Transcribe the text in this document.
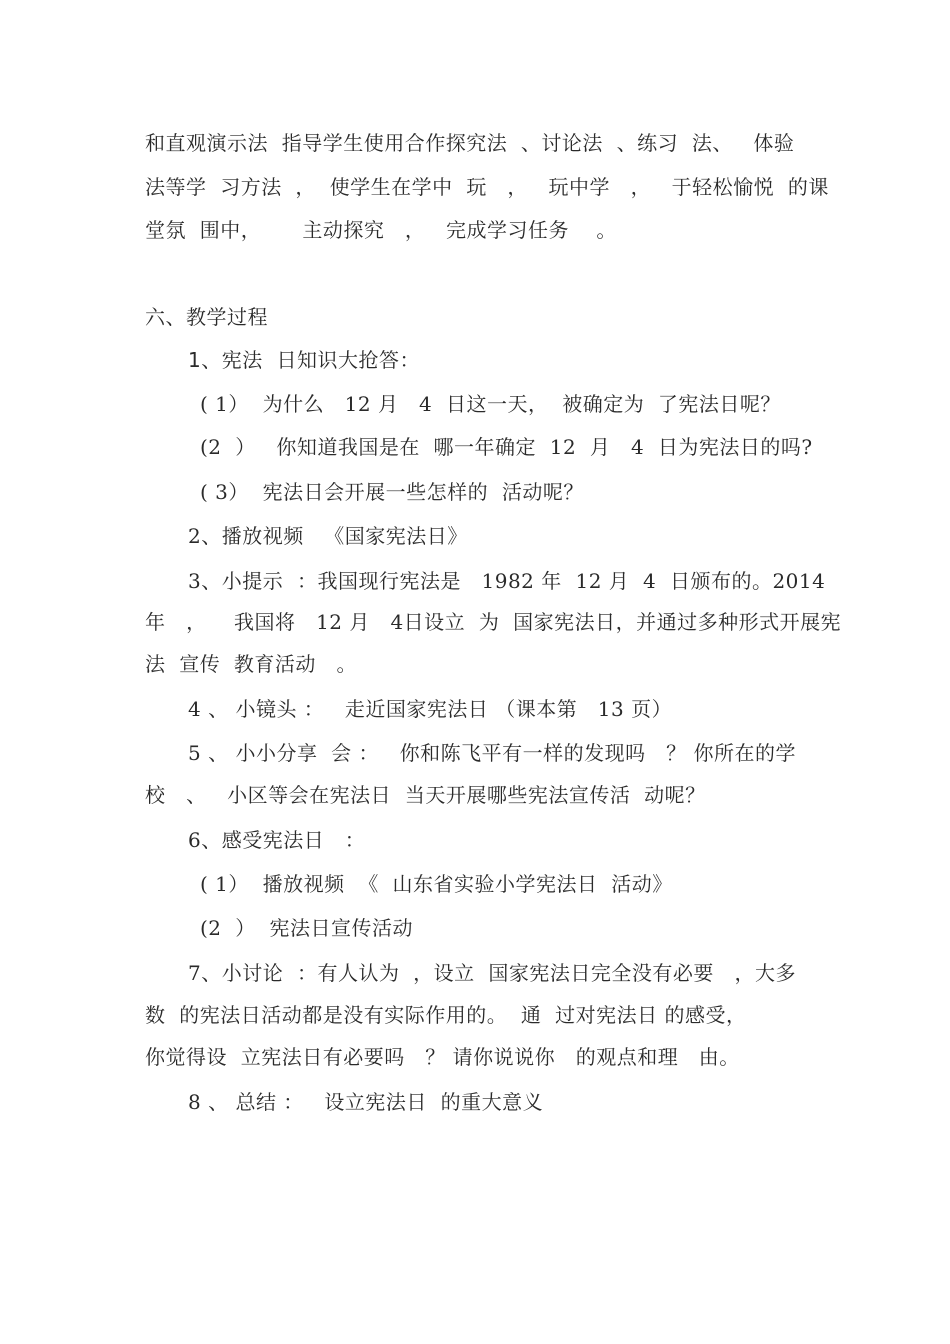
和直观演示法  指导学生使用合作探究法  、讨论法  、练习  法、   体验
法等学  习方法  ，  使学生在学中  玩   ，   玩中学   ，   于轻松愉悦  的课
堂氛  围中，      主动探究   ，   完成学习任务    。
六、教学过程
1、宪法  日知识大抢答：
( 1）  为什么   12 月   4  日这一天，  被确定为  了宪法日呢？
(2  ）   你知道我国是在  哪一年确定  12  月   4  日为宪法日的吗?
( 3）  宪法日会开展一些怎样的  活动呢？
2、播放视频   《国家宪法日》
3、小提示  ：我国现行宪法是   1982 年  12 月  4  日颁布的。2014
年   ，    我国将   12 月   4日设立  为  国家宪法日，并通过多种形式开展宪
法  宣传  教育活动   。
4 、 小镜头 ：   走近国家宪法日 （课本第   13 页）
5 、 小小分享  会 ：   你和陈飞平有一样的发现吗   ？ 你所在的学
校   、   小区等会在宪法日  当天开展哪些宪法宣传活  动呢？
6、感受宪法日   ：
( 1）  播放视频  《  山东省实验小学宪法日  活动》
(2  ）  宪法日宣传活动
7、小讨论  ：有人认为  ，设立  国家宪法日完全没有必要   ，大多
数  的宪法日活动都是没有实际作用的。  通  过对宪法日 的感受，
你觉得设  立宪法日有必要吗   ？ 请你说说你   的观点和理   由。
8 、 总结 ：   设立宪法日  的重大意义
